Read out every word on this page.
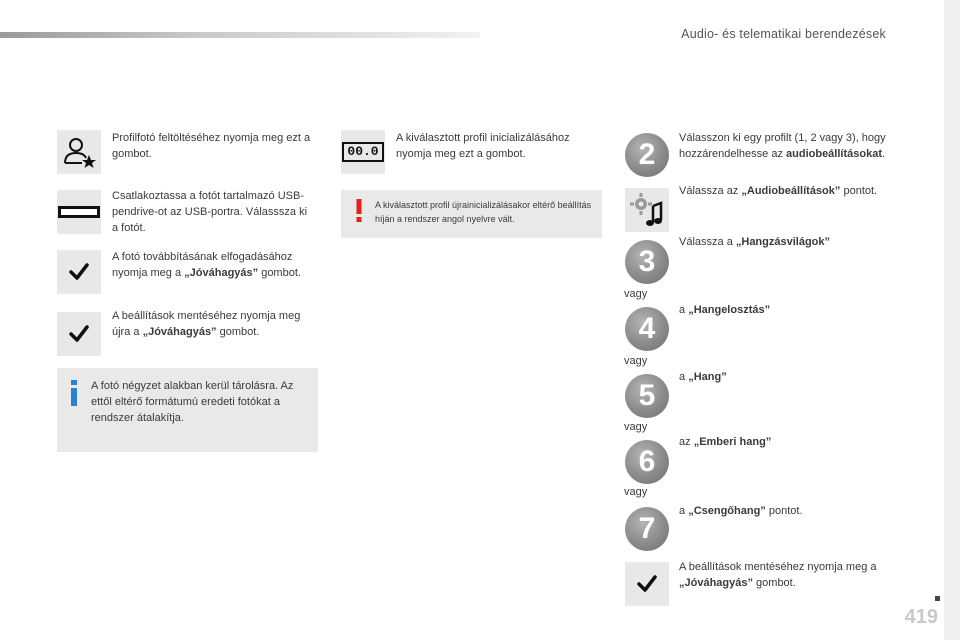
Audio- és telematikai berendezések
419
Profilfotó feltöltéséhez nyomja meg ezt a gombot.
Csatlakoztassa a fotót tartalmazó USB-pendrive-ot az USB-portra. Válasssza ki a fotót.
A fotó továbbításának elfogadásához nyomja meg a „Jóváhagyás” gombot.
A beállítások mentéséhez nyomja meg újra a „Jóváhagyás” gombot.
A fotó négyzet alakban kerül tárolásra. Az ettől eltérő formátumú eredeti fotókat a rendszer átalakítja.
00.0
A kiválasztott profil inicializálásához nyomja meg ezt a gombot.
A kiválasztott profil újrainicializálásakor eltérő beállítás híján a rendszer angol nyelvre vált.
2	Válasszon ki egy profilt (1, 2 vagy 3), hogy hozzárendelhesse az audiobeállításokat.
Válassza az „Audiobeállítások” pontot.
3
Válassza a „Hangzásvilágok”
vagy
4
a „Hangelosztás”
vagy
5
a „Hang”
vagy
6
az „Emberi hang”
vagy
7
a „Csengőhang” pontot.
A beállítások mentéséhez nyomja meg a „Jóváhagyás” gombot.
